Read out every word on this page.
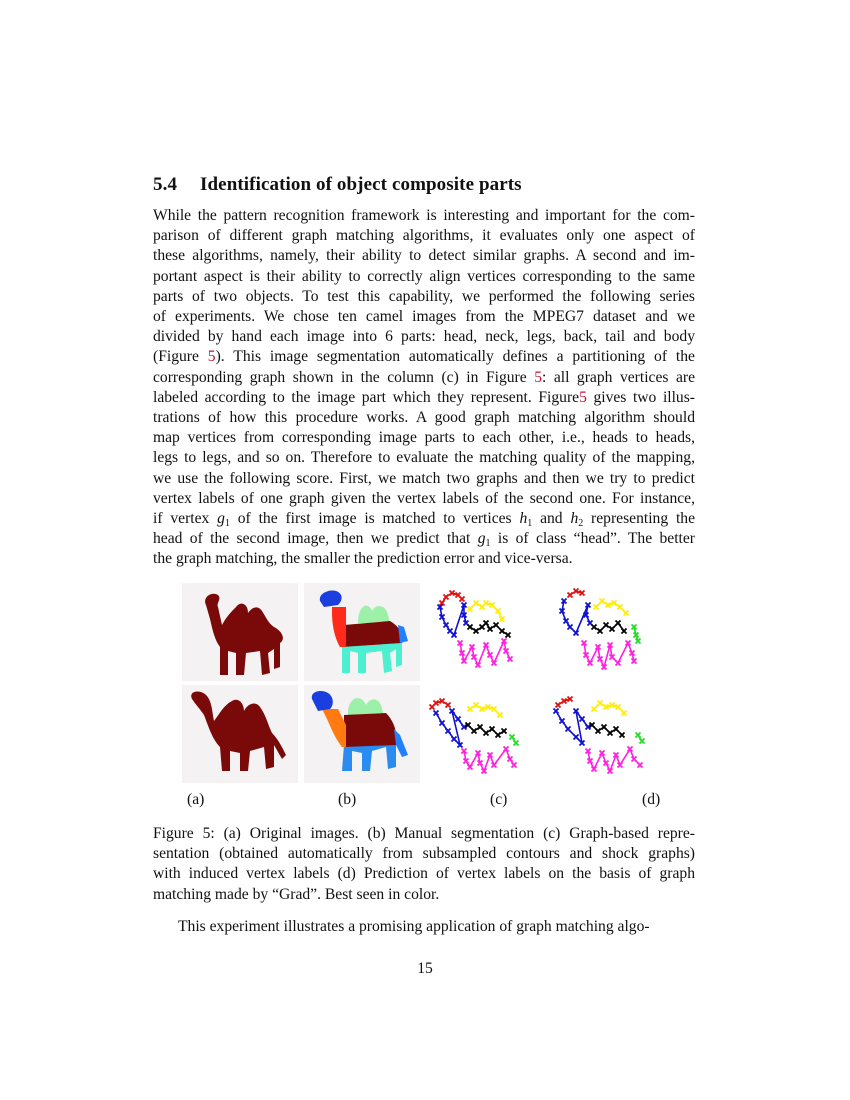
5.4 Identification of object composite parts
While the pattern recognition framework is interesting and important for the com-
parison of different graph matching algorithms, it evaluates only one aspect of
these algorithms, namely, their ability to detect similar graphs. A second and im-
portant aspect is their ability to correctly align vertices corresponding to the same
parts of two objects. To test this capability, we performed the following series
of experiments. We chose ten camel images from the MPEG7 dataset and we
divided by hand each image into 6 parts: head, neck, legs, back, tail and body
(Figure 5). This image segmentation automatically defines a partitioning of the
corresponding graph shown in the column (c) in Figure 5: all graph vertices are
labeled according to the image part which they represent. Figure5 gives two illus-
trations of how this procedure works. A good graph matching algorithm should
map vertices from corresponding image parts to each other, i.e., heads to heads,
legs to legs, and so on. Therefore to evaluate the matching quality of the mapping,
we use the following score. First, we match two graphs and then we try to predict
vertex labels of one graph given the vertex labels of the second one. For instance,
if vertex $g_1$ of the first image is matched to vertices $h_1$ and $h_2$ representing the
head of the second image, then we predict that $g_1$ is of class “head”. The better
the graph matching, the smaller the prediction error and vice-versa.
(a)	(b)	(c)	(d)
Figure 5: (a) Original images. (b) Manual segmentation (c) Graph-based repre-
sentation (obtained automatically from subsampled contours and shock graphs)
with induced vertex labels (d) Prediction of vertex labels on the basis of graph
matching made by “Grad”. Best seen in color.

This experiment illustrates a promising application of graph matching algo-

15
